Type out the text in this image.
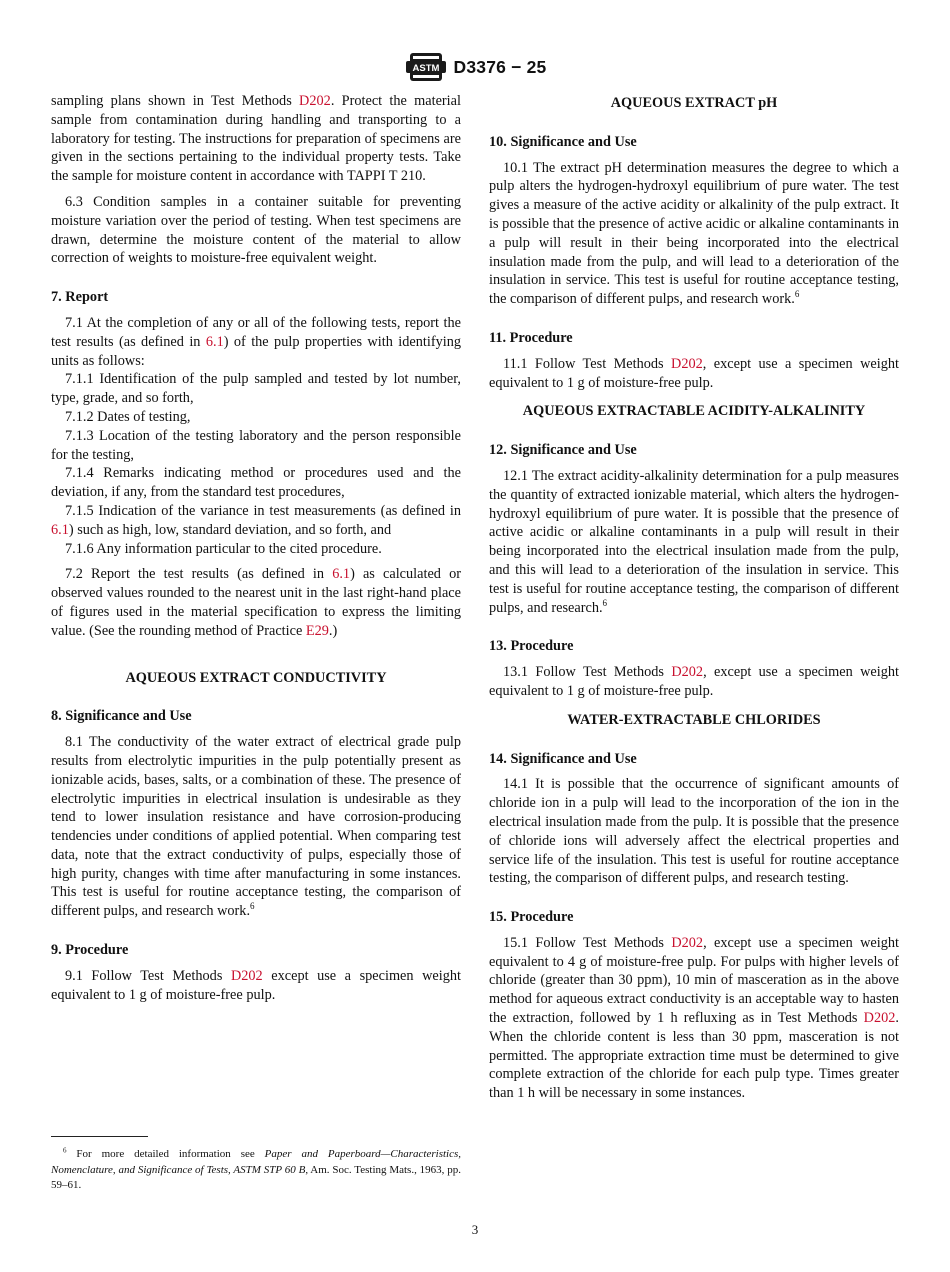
ASTM D3376 − 25

sampling plans shown in Test Methods D202. Protect the material sample from contamination during handling and transporting to a laboratory for testing. The instructions for preparation of specimens are given in the sections pertaining to the individual property tests. Take the sample for moisture content in accordance with TAPPI T 210.

6.3 Condition samples in a container suitable for preventing moisture variation over the period of testing. When test specimens are drawn, determine the moisture content of the material to allow correction of weights to moisture-free equivalent weight.

7. Report

7.1 At the completion of any or all of the following tests, report the test results (as defined in 6.1) of the pulp properties with identifying units as follows:

7.1.1 Identification of the pulp sampled and tested by lot number, type, grade, and so forth,

7.1.2 Dates of testing,

7.1.3 Location of the testing laboratory and the person responsible for the testing,

7.1.4 Remarks indicating method or procedures used and the deviation, if any, from the standard test procedures,

7.1.5 Indication of the variance in test measurements (as defined in 6.1) such as high, low, standard deviation, and so forth, and

7.1.6 Any information particular to the cited procedure.

7.2 Report the test results (as defined in 6.1) as calculated or observed values rounded to the nearest unit in the last right-hand place of figures used in the material specification to express the limiting value. (See the rounding method of Practice E29.)

AQUEOUS EXTRACT CONDUCTIVITY
8. Significance and Use

8.1 The conductivity of the water extract of electrical grade pulp results from electrolytic impurities in the pulp potentially present as ionizable acids, bases, salts, or a combination of these. The presence of electrolytic impurities in electrical insulation is undesirable as they tend to lower insulation resistance and have corrosion-producing tendencies under conditions of applied potential. When comparing test data, note that the extract conductivity of pulps, especially those of high purity, changes with time after manufacturing in some instances. This test is useful for routine acceptance testing, the comparison of different pulps, and research work.$^6$

9. Procedure

9.1 Follow Test Methods D202 except use a specimen weight equivalent to 1 g of moisture-free pulp.

$^6$ For more detailed information see Paper and Paperboard—Characteristics, Nomenclature, and Significance of Tests, ASTM STP 60 B, Am. Soc. Testing Mats., 1963, pp. 59–61.
AQUEOUS EXTRACT pH
10. Significance and Use

10.1 The extract pH determination measures the degree to which a pulp alters the hydrogen-hydroxyl equilibrium of pure water. The test gives a measure of the active acidity or alkalinity of the pulp extract. It is possible that the presence of active acidic or alkaline contaminants in a pulp will result in their being incorporated into the electrical insulation made from the pulp, and will lead to a deterioration of the insulation in service. This test is useful for routine acceptance testing, the comparison of different pulps, and research work.$^6$

11. Procedure

11.1 Follow Test Methods D202, except use a specimen weight equivalent to 1 g of moisture-free pulp.

AQUEOUS EXTRACTABLE ACIDITY-ALKALINITY
12. Significance and Use

12.1 The extract acidity-alkalinity determination for a pulp measures the quantity of extracted ionizable material, which alters the hydrogen-hydroxyl equilibrium of pure water. It is possible that the presence of active acidic or alkaline contaminants in a pulp will result in their being incorporated into the electrical insulation made from the pulp, and this will lead to a deterioration of the insulation in service. This test is useful for routine acceptance testing, the comparison of different pulps, and research.$^6$

13. Procedure

13.1 Follow Test Methods D202, except use a specimen weight equivalent to 1 g of moisture-free pulp.

WATER-EXTRACTABLE CHLORIDES
14. Significance and Use

14.1 It is possible that the occurrence of significant amounts of chloride ion in a pulp will lead to the incorporation of the ion in the electrical insulation made from the pulp. It is possible that the presence of chloride ions will adversely affect the electrical properties and service life of the insulation. This test is useful for routine acceptance testing, the comparison of different pulps, and research testing.

15. Procedure

15.1 Follow Test Methods D202, except use a specimen weight equivalent to 4 g of moisture-free pulp. For pulps with higher levels of chloride (greater than 30 ppm), 10 min of masceration as in the above method for aqueous extract conductivity is an acceptable way to hasten the extraction, followed by 1 h refluxing as in Test Methods D202. When the chloride content is less than 30 ppm, masceration is not permitted. The appropriate extraction time must be determined to give complete extraction of the chloride for each pulp type. Times greater than 1 h will be necessary in some instances.

3
